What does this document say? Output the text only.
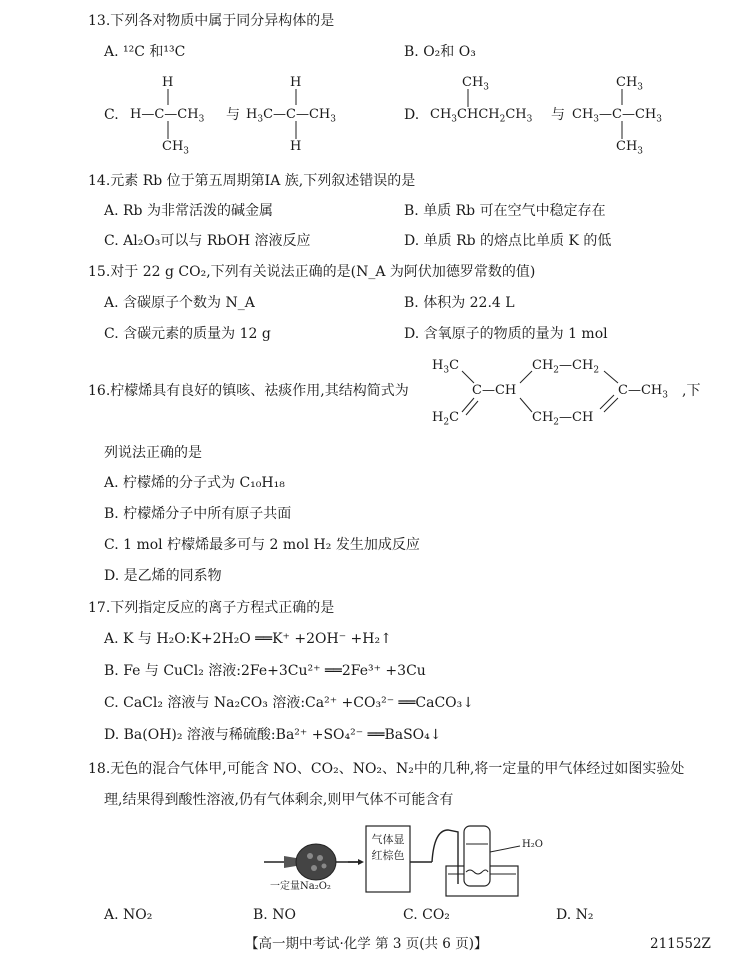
13.下列各对物质中属于同分异构体的是
A. ¹²C 和¹³C	B. O₂和 O₃
C.
H
$H—C—CH_3$
$CH_3$
与
H
$H_3C—C—CH_3$
H
D.
$CH_3$
$CH_3CHCH_2CH_3$ 与
$CH_3$
$CH_3—C—CH_3$
$CH_3$
14.元素 Rb 位于第五周期第ⅠA 族,下列叙述错误的是
A. Rb 为非常活泼的碱金属	B. 单质 Rb 可在空气中稳定存在
C. Al₂O₃可以与 RbOH 溶液反应	D. 单质 Rb 的熔点比单质 K 的低
15.对于 22 g CO₂,下列有关说法正确的是(N_A 为阿伏加德罗常数的值)
A. 含碳原子个数为 N_A	B. 体积为 22.4 L
C. 含碳元素的质量为 12 g	D. 含氧原子的物质的量为 1 mol
16.柠檬烯具有良好的镇咳、祛痰作用,其结构简式为
$H_3C$
C—CH
$H_2C$
$CH_2—CH_2$
$CH_2—CH$
$C—CH_3$ ,下
列说法正确的是
A. 柠檬烯的分子式为 C₁₀H₁₈
B. 柠檬烯分子中所有原子共面
C. 1 mol 柠檬烯最多可与 2 mol H₂ 发生加成反应
D. 是乙烯的同系物
17.下列指定反应的离子方程式正确的是
A. K 与 H₂O:K+2H₂O ══K⁺ +2OH⁻ +H₂↑
B. Fe 与 CuCl₂ 溶液:2Fe+3Cu²⁺ ══2Fe³⁺ +3Cu
C. CaCl₂ 溶液与 Na₂CO₃ 溶液:Ca²⁺ +CO₃²⁻ ══CaCO₃↓
D. Ba(OH)₂ 溶液与稀硫酸:Ba²⁺ +SO₄²⁻ ══BaSO₄↓
18.无色的混合气体甲,可能含 NO、CO₂、NO₂、N₂中的几种,将一定量的甲气体经过如图实验处
理,结果得到酸性溶液,仍有气体剩余,则甲气体不可能含有
气体显红棕色
一定量Na₂O₂
H₂O
A. NO₂	B. NO	C. CO₂	D. N₂
【高一期中考试·化学 第 3 页(共 6 页)】	211552Z
